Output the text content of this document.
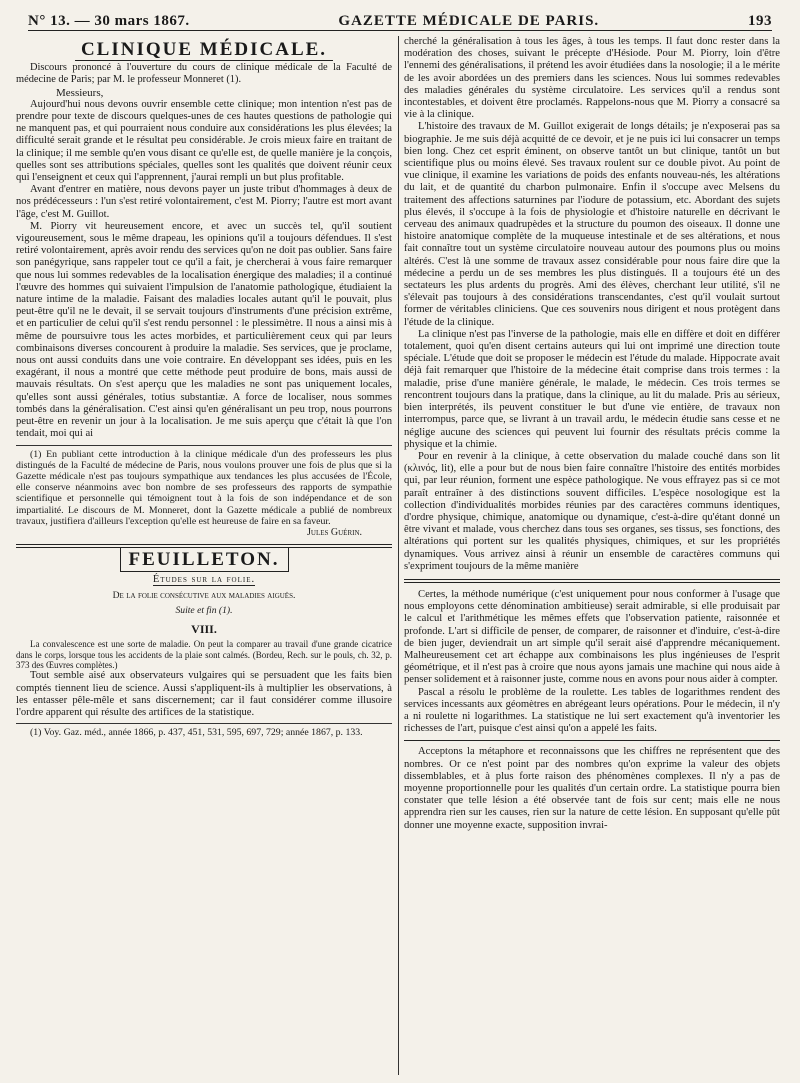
N° 13. — 30 mars 1867.	GAZETTE MÉDICALE DE PARIS.	193
CLINIQUE MÉDICALE.

Discours prononcé à l'ouverture du cours de clinique médicale de la Faculté de médecine de Paris; par M. le professeur Monneret (1).

Messieurs,

Aujourd'hui nous devons ouvrir ensemble cette clinique; mon intention n'est pas de prendre pour texte de discours quelques-unes de ces hautes questions de pathologie qui ne manquent pas, et qui pourraient nous conduire aux considérations les plus élevées; la difficulté serait grande et le résultat peu considérable. Je crois mieux faire en traitant de la clinique; il me semble qu'en vous disant ce qu'elle est, de quelle manière je la conçois, quelles sont ses attributions spéciales, quelles sont les qualités que doivent réunir ceux qui l'enseignent et ceux qui l'apprennent, j'aurai rempli un but plus profitable.

Avant d'entrer en matière, nous devons payer un juste tribut d'hommages à deux de nos prédécesseurs : l'un s'est retiré volontairement, c'est M. Piorry; l'autre est mort avant l'âge, c'est M. Guillot.

M. Piorry vit heureusement encore, et avec un succès tel, qu'il soutient vigoureusement, sous le même drapeau, les opinions qu'il a toujours défendues. Il s'est retiré volontairement, après avoir rendu des services qu'on ne doit pas oublier. Sans faire son panégyrique, sans rappeler tout ce qu'il a fait, je chercherai à vous faire remarquer que nous lui sommes redevables de la localisation énergique des maladies; il a continué l'œuvre des hommes qui suivaient l'impulsion de l'anatomie pathologique, étudiaient la nature intime de la maladie. Faisant des maladies locales autant qu'il le pouvait, plus peut-être qu'il ne le devait, il se servait toujours d'instruments d'une précision extrême, et en particulier de celui qu'il s'est rendu personnel : le plessimètre. Il nous a ainsi mis à même de poursuivre tous les actes morbides, et particulièrement ceux qui par leurs combinaisons diverses concourent à produire la maladie. Ses services, que je proclame, nous ont aussi conduits dans une voie contraire. En développant ses idées, puis en les exagérant, il nous a montré que cette méthode peut produire de bons, mais aussi de mauvais résultats. On s'est aperçu que les maladies ne sont pas uniquement locales, qu'elles sont aussi générales, totius substantiæ. A force de localiser, nous sommes tombés dans la généralisation. C'est ainsi qu'en généralisant un peu trop, nous pourrons peut-être en revenir un jour à la localisation. Je me suis aperçu que c'était là que l'on tendait, moi qui ai

(1) En publiant cette introduction à la clinique médicale d'un des professeurs les plus distingués de la Faculté de médecine de Paris, nous voulons prouver une fois de plus que si la Gazette médicale n'est pas toujours sympathique aux tendances les plus accusées de l'École, elle conserve néanmoins avec bon nombre de ses professeurs des rapports de sympathie scientifique et personnelle qui témoignent tout à la fois de son indépendance et de son impartialité. Le discours de M. Monneret, dont la Gazette médicale a publié de nombreux travaux, justifiera d'ailleurs l'exception qu'elle est heureuse de faire en sa faveur.

Jules Guérin.
FEUILLETON.
Études sur la folie.
De la folie consécutive aux maladies aiguës.
Suite et fin (1).
VIII.

La convalescence est une sorte de maladie. On peut la comparer au travail d'une grande cicatrice dans le corps, lorsque tous les accidents de la plaie sont calmés. (Bordeu, Rech. sur le pouls, ch. 32, p. 373 des Œuvres complètes.)

Tout semble aisé aux observateurs vulgaires qui se persuadent que les faits bien comptés tiennent lieu de science. Aussi s'appliquent-ils à multiplier les observations, à les entasser pêle-mêle et sans discernement; car il faut considérer comme illusoire l'ordre apparent qui résulte des artifices de la statistique.

(1) Voy. Gaz. méd., année 1866, p. 437, 451, 531, 595, 697, 729; année 1867, p. 133.

cherché la généralisation à tous les âges, à tous les temps. Il faut donc rester dans la modération des choses, suivant le précepte d'Hésiode. Pour M. Piorry, loin d'être l'ennemi des généralisations, il prétend les avoir étudiées dans la nosologie; il a le mérite de les avoir abordées un des premiers dans les sciences. Nous lui sommes redevables des maladies générales du système circulatoire. Les services qu'il a rendus sont incontestables, et doivent être proclamés. Rappelons-nous que M. Piorry a consacré sa vie à la clinique.

L'histoire des travaux de M. Guillot exigerait de longs détails; je n'exposerai pas sa biographie. Je me suis déjà acquitté de ce devoir, et je ne puis ici lui consacrer un temps bien long. Chez cet esprit éminent, on observe tantôt un but clinique, tantôt un but scientifique plus ou moins élevé. Ses travaux roulent sur ce double pivot. Au point de vue clinique, il examine les variations de poids des enfants nouveau-nés, les altérations du lait, et de quantité du charbon pulmonaire. Enfin il s'occupe avec Melsens du traitement des affections saturnines par l'iodure de potassium, etc. Abordant des sujets plus élevés, il s'occupe à la fois de physiologie et d'histoire naturelle en décrivant le cerveau des animaux quadrupèdes et la structure du poumon des oiseaux. Il donne une histoire anatomique complète de la muqueuse intestinale et de ses altérations, et nous fait connaître tout un système circulatoire nouveau autour des poumons plus ou moins altérés. C'est là une somme de travaux assez considérable pour nous faire dire que la médecine a perdu un de ses membres les plus distingués. Il a toujours été un des sectateurs les plus ardents du progrès. Ami des élèves, cherchant leur utilité, s'il ne s'élevait pas toujours à des considérations transcendantes, c'est qu'il voulait surtout former de véritables cliniciens. Que ces souvenirs nous dirigent et nous protègent dans l'étude de la clinique.

La clinique n'est pas l'inverse de la pathologie, mais elle en diffère et doit en différer totalement, quoi qu'en disent certains auteurs qui lui ont imprimé une direction toute spéciale. L'étude que doit se proposer le médecin est l'étude du malade. Hippocrate avait déjà fait remarquer que l'histoire de la médecine était comprise dans trois termes : la maladie, prise d'une manière générale, le malade, le médecin. Ces trois termes se rencontrent toujours dans la pratique, dans la clinique, au lit du malade. Pris au sérieux, bien interprétés, ils peuvent constituer le but d'une vie entière, de travaux non interrompus, parce que, se livrant à un travail ardu, le médecin étudie sans cesse et ne néglige aucune des sciences qui peuvent lui fournir des résultats précis comme la physique et la chimie.

Pour en revenir à la clinique, à cette observation du malade couché dans son lit (κλινός, lit), elle a pour but de nous bien faire connaître l'histoire des entités morbides qui, par leur réunion, forment une espèce pathologique. Ne vous effrayez pas si ce mot paraît entraîner à des distinctions souvent difficiles. L'espèce nosologique est la collection d'individualités morbides réunies par des caractères communs identiques, d'ordre physique, chimique, anatomique ou dynamique, c'est-à-dire qu'étant donné un être vivant et malade, vous cherchez dans tous ses organes, ses tissus, ses fonctions, des altérations qui portent sur les qualités physiques, chimiques, et sur les propriétés dynamiques. Vous arrivez ainsi à réunir un ensemble de caractères communs qui s'expriment toujours de la même manière

Certes, la méthode numérique (c'est uniquement pour nous conformer à l'usage que nous employons cette dénomination ambitieuse) serait admirable, si elle produisait par le calcul et l'arithmétique les mêmes effets que l'observation patiente, raisonnée et profonde. L'art si difficile de penser, de comparer, de raisonner et d'induire, c'est-à-dire de bien juger, deviendrait un art simple qu'il serait aisé d'apprendre mécaniquement. Malheureusement cet art échappe aux combinaisons les plus ingénieuses de l'esprit géométrique, et il n'est pas à croire que nous ayons jamais une machine qui nous aide à penser solidement et à raisonner juste, comme nous en avons pour nous aider à compter.

Pascal a résolu le problème de la roulette. Les tables de logarithmes rendent des services incessants aux géomètres en abrégeant leurs opérations. Pour le médecin, il n'y a ni roulette ni logarithmes. La statistique ne lui sert exactement qu'à inventorier les richesses de l'art, puisque c'est ainsi qu'on a appelé les faits.

Acceptons la métaphore et reconnaissons que les chiffres ne représentent que des nombres. Or ce n'est point par des nombres qu'on exprime la valeur des objets dissemblables, et à plus forte raison des phénomènes complexes. Il n'y a pas de moyenne proportionnelle pour les qualités d'un certain ordre. La statistique pourra bien constater que telle lésion a été observée tant de fois sur cent; mais elle ne nous apprendra rien sur les causes, rien sur la nature de cette lésion. En supposant qu'elle pût donner une moyenne exacte, supposition invrai-
